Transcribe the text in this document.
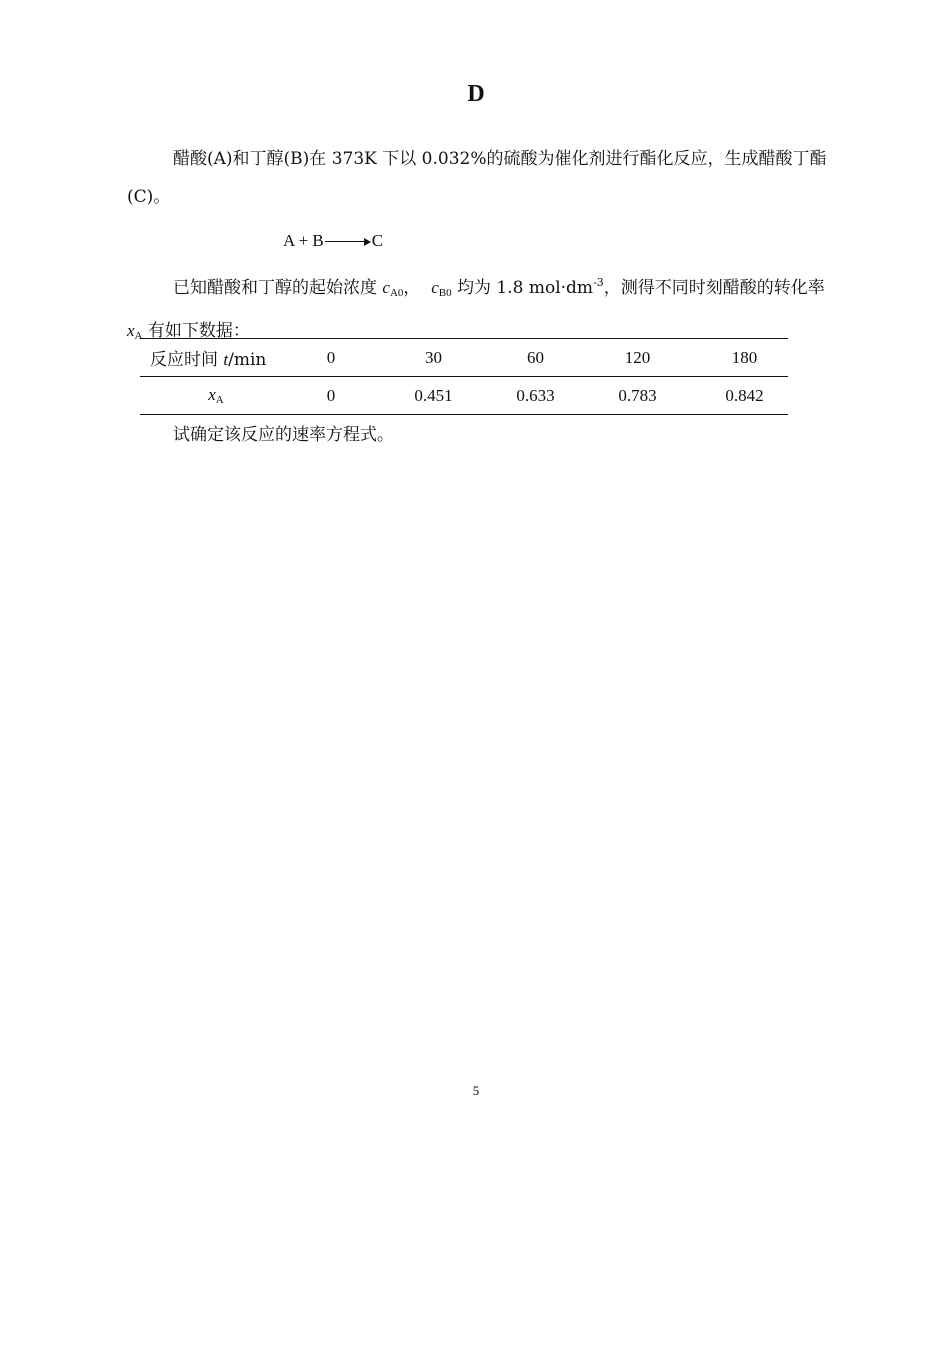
D

醋酸(A)和丁醇(B)在 373K 下以 0.032%的硫酸为催化剂进行酯化反应，生成醋酸丁酯(C)。

A + B	C

已知醋酸和丁醇的起始浓度 $c_{A0}$，  $c_{B0}$ 均为 1.8 $mol\cdot dm^{-3}$，测得不同时刻醋酸的转化率 $x_A$ 有如下数据：

反应时间 t/min	0	30	60	120	180
$x_A$	0	0.451	0.633	0.783	0.842

试确定该反应的速率方程式。

5
